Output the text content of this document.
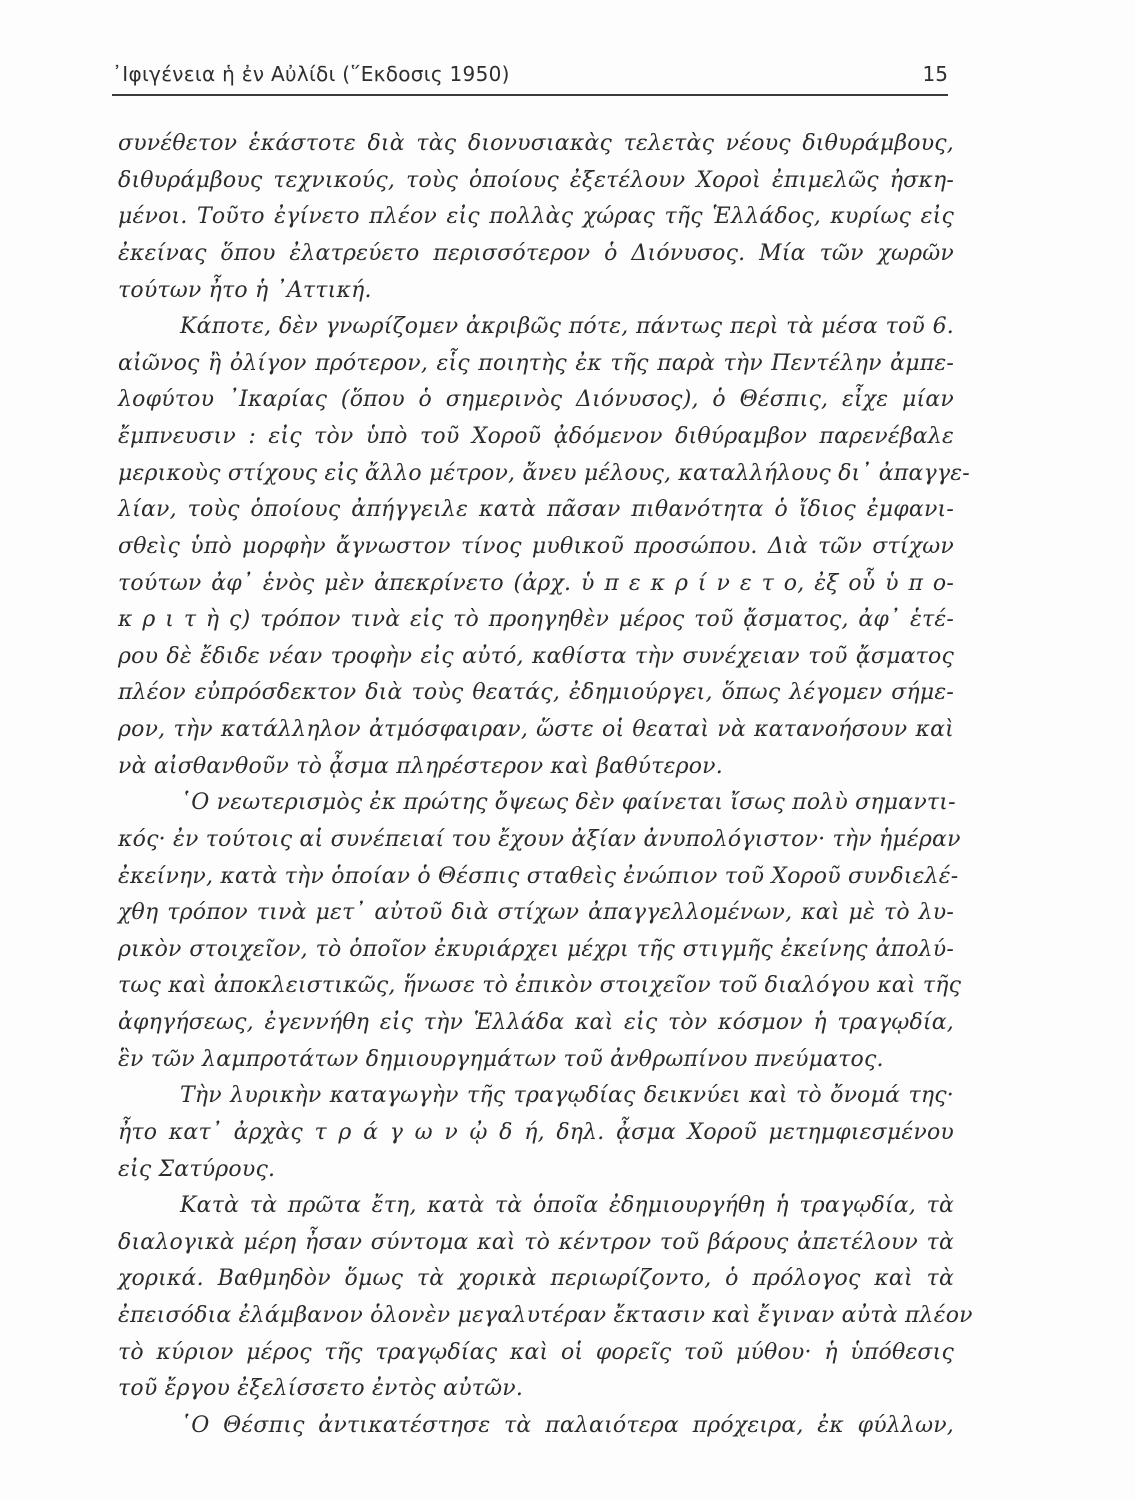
᾿Ιφιγένεια ἡ ἐν Αὐλίδι (῞Εκδοσις 1950)	15
συνέθετον ἑκάστοτε διὰ τὰς διονυσιακὰς τελετὰς νέους διθυράμβους,
διθυράμβους τεχνικούς, τοὺς ὁποίους ἐξετέλουν Χοροὶ ἐπιμελῶς ἠσκη-
μένοι. Τοῦτο ἐγίνετο πλέον εἰς πολλὰς χώρας τῆς Ἑλλάδος, κυρίως εἰς
ἐκείνας ὅπου ἐλατρεύετο περισσότερον ὁ Διόνυσος. Μία τῶν χωρῶν
τούτων ἦτο ἡ ᾿Αττική.
Κάποτε, δὲν γνωρίζομεν ἀκριβῶς πότε, πάντως περὶ τὰ μέσα τοῦ 6.
αἰῶνος ἢ ὀλίγον πρότερον, εἷς ποιητὴς ἐκ τῆς παρὰ τὴν Πεντέλην ἀμπε-
λοφύτου ᾿Ικαρίας (ὅπου ὁ σημερινὸς Διόνυσος), ὁ Θέσπις, εἶχε μίαν
ἔμπνευσιν : εἰς τὸν ὑπὸ τοῦ Χοροῦ ᾀδόμενον διθύραμβον παρενέβαλε
μερικοὺς στίχους εἰς ἄλλο μέτρον, ἄνευ μέλους, καταλλήλους δι᾿ ἀπαγγε-
λίαν, τοὺς ὁποίους ἀπήγγειλε κατὰ πᾶσαν πιθανότητα ὁ ἴδιος ἐμφανι-
σθεὶς ὑπὸ μορφὴν ἄγνωστον τίνος μυθικοῦ προσώπου. Διὰ τῶν στίχων
τούτων ἀφ᾿ ἑνὸς μὲν ἀπεκρίνετο (ἀρχ. ὑ π ε κ ρ ί ν ε τ ο, ἐξ οὗ ὑ π ο-
κ ρ ι τ ὴ ς) τρόπον τινὰ εἰς τὸ προηγηθὲν μέρος τοῦ ᾄσματος, ἀφ᾿ ἑτέ-
ρου δὲ ἔδιδε νέαν τροφὴν εἰς αὐτό, καθίστα τὴν συνέχειαν τοῦ ᾄσματος
πλέον εὐπρόσδεκτον διὰ τοὺς θεατάς, ἐδημιούργει, ὅπως λέγομεν σήμε-
ρον, τὴν κατάλληλον ἀτμόσφαιραν, ὥστε οἱ θεαταὶ νὰ κατανοήσουν καὶ
νὰ αἰσθανθοῦν τὸ ᾆσμα πληρέστερον καὶ βαθύτερον.
῾Ο νεωτερισμὸς ἐκ πρώτης ὄψεως δὲν φαίνεται ἴσως πολὺ σημαντι-
κός· ἐν τούτοις αἱ συνέπειαί του ἔχουν ἀξίαν ἀνυπολόγιστον· τὴν ἡμέραν
ἐκείνην, κατὰ τὴν ὁποίαν ὁ Θέσπις σταθεὶς ἐνώπιον τοῦ Χοροῦ συνδιελέ-
χθη τρόπον τινὰ μετ᾿ αὐτοῦ διὰ στίχων ἀπαγγελλομένων, καὶ μὲ τὸ λυ-
ρικὸν στοιχεῖον, τὸ ὁποῖον ἐκυριάρχει μέχρι τῆς στιγμῆς ἐκείνης ἀπολύ-
τως καὶ ἀποκλειστικῶς, ἥνωσε τὸ ἐπικὸν στοιχεῖον τοῦ διαλόγου καὶ τῆς
ἀφηγήσεως, ἐγεννήθη εἰς τὴν Ἑλλάδα καὶ εἰς τὸν κόσμον ἡ τραγῳδία,
ἓν τῶν λαμπροτάτων δημιουργημάτων τοῦ ἀνθρωπίνου πνεύματος.
Τὴν λυρικὴν καταγωγὴν τῆς τραγῳδίας δεικνύει καὶ τὸ ὄνομά της·
ἦτο κατ᾿ ἀρχὰς τ ρ ά γ ω ν ᾠ δ ή, δηλ. ᾆσμα Χοροῦ μετημφιεσμένου
εἰς Σατύρους.
Κατὰ τὰ πρῶτα ἔτη, κατὰ τὰ ὁποῖα ἐδημιουργήθη ἡ τραγῳδία, τὰ
διαλογικὰ μέρη ἦσαν σύντομα καὶ τὸ κέντρον τοῦ βάρους ἀπετέλουν τὰ
χορικά. Βαθμηδὸν ὅμως τὰ χορικὰ περιωρίζοντο, ὁ πρόλογος καὶ τὰ
ἐπεισόδια ἐλάμβανον ὁλονὲν μεγαλυτέραν ἔκτασιν καὶ ἔγιναν αὐτὰ πλέον
τὸ κύριον μέρος τῆς τραγῳδίας καὶ οἱ φορεῖς τοῦ μύθου· ἡ ὑπόθεσις
τοῦ ἔργου ἐξελίσσετο ἐντὸς αὐτῶν.
῾Ο Θέσπις ἀντικατέστησε τὰ παλαιότερα πρόχειρα, ἐκ φύλλων,
